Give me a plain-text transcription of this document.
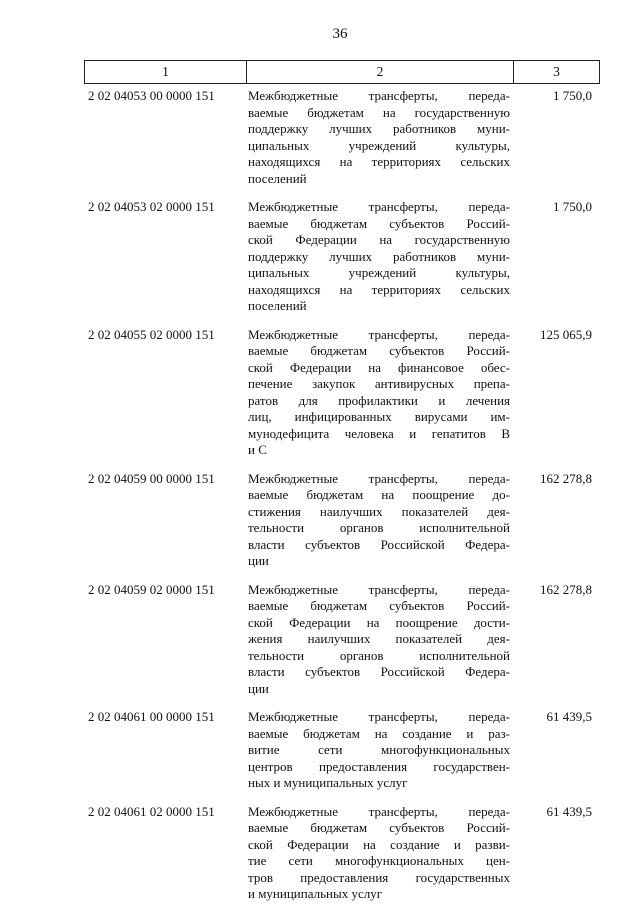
36
1	2	3
2 02 04053 00 0000 151	Межбюджетные трансферты, переда-
ваемые бюджетам на государственную
поддержку лучших работников муни-
ципальных учреждений культуры,
находящихся на территориях сельских
поселений
1 750,0
2 02 04053 02 0000 151	Межбюджетные трансферты, переда-
ваемые бюджетам субъектов Россий-
ской Федерации на государственную
поддержку лучших работников муни-
ципальных учреждений культуры,
находящихся на территориях сельских
поселений
1 750,0
2 02 04055 02 0000 151	Межбюджетные трансферты, переда-
ваемые бюджетам субъектов Россий-
ской Федерации на финансовое обес-
печение закупок антивирусных препа-
ратов для профилактики и лечения
лиц, инфицированных вирусами им-
мунодефицита человека и гепатитов В
и С
125 065,9
2 02 04059 00 0000 151	Межбюджетные трансферты, переда-
ваемые бюджетам на поощрение до-
стижения наилучших показателей дея-
тельности органов исполнительной
власти субъектов Российской Федера-
ции
162 278,8
2 02 04059 02 0000 151	Межбюджетные трансферты, переда-
ваемые бюджетам субъектов Россий-
ской Федерации на поощрение дости-
жения наилучших показателей дея-
тельности органов исполнительной
власти субъектов Российской Федера-
ции
162 278,8
2 02 04061 00 0000 151	Межбюджетные трансферты, переда-
ваемые бюджетам на создание и раз-
витие сети многофункциональных
центров предоставления государствен-
ных и муниципальных услуг
61 439,5
2 02 04061 02 0000 151	Межбюджетные трансферты, переда-
ваемые бюджетам субъектов Россий-
ской Федерации на создание и разви-
тие сети многофункциональных цен-
тров предоставления государственных
и муниципальных услуг
61 439,5
